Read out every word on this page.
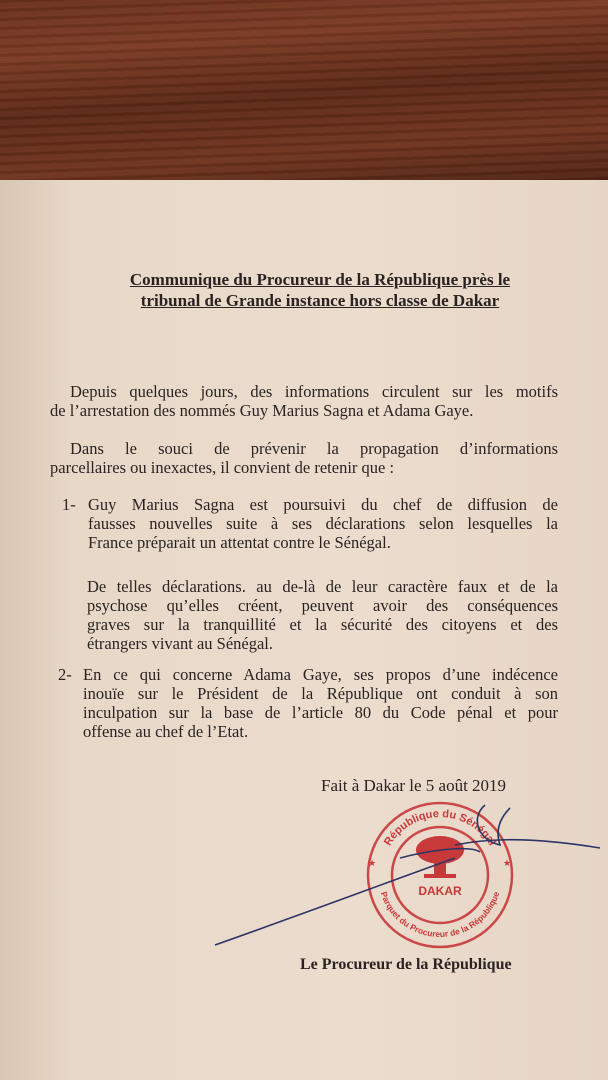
Communique du Procureur de la République près le
tribunal de Grande instance hors classe de Dakar
Depuis quelques jours, des informations circulent sur les motifs
de l’arrestation des nommés Guy Marius Sagna et Adama Gaye.
Dans le souci de prévenir la propagation d’informations
parcellaires ou inexactes, il convient de retenir que :
1- Guy Marius Sagna est poursuivi du chef de diffusion de
fausses nouvelles suite à ses déclarations selon lesquelles la
France préparait un attentat contre le Sénégal.
De telles déclarations. au de-là de leur caractère faux et de la
psychose qu’elles créent, peuvent avoir des conséquences
graves sur la tranquillité et la sécurité des citoyens et des
étrangers vivant au Sénégal.
2- En ce qui concerne Adama Gaye, ses propos d’une indécence
inouïe sur le Président de la République ont conduit à son
inculpation sur la base de l’article 80 du Code pénal et pour
offense au chef de l’Etat.
Fait à Dakar le 5 août 2019
République du Sénégal
Parquet du Procureur de la République
DAKAR
★	★
Le Procureur de la République
